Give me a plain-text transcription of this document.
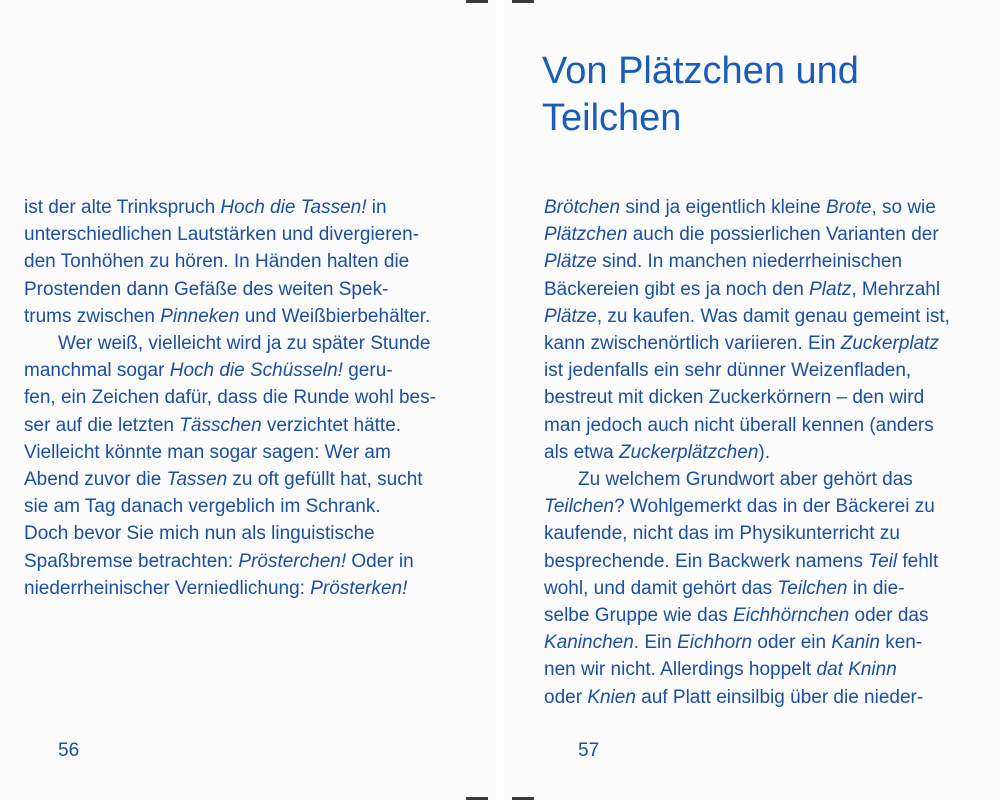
Von Plätzchen und Teilchen
ist der alte Trinkspruch Hoch die Tassen! in
unterschiedlichen Lautstärken und divergieren-
den Tonhöhen zu hören. In Händen halten die
Prostenden dann Gefäße des weiten Spek-
trums zwischen Pinneken und Weißbierbehälter.
Wer weiß, vielleicht wird ja zu später Stunde
manchmal sogar Hoch die Schüsseln! geru-
fen, ein Zeichen dafür, dass die Runde wohl bes-
ser auf die letzten Tässchen verzichtet hätte.
Vielleicht könnte man sogar sagen: Wer am
Abend zuvor die Tassen zu oft gefüllt hat, sucht
sie am Tag danach vergeblich im Schrank.
Doch bevor Sie mich nun als linguistische
Spaßbremse betrachten: Prösterchen! Oder in
niederrheinischer Verniedlichung: Prösterken!
Brötchen sind ja eigentlich kleine Brote, so wie
Plätzchen auch die possierlichen Varianten der
Plätze sind. In manchen niederrheinischen
Bäckereien gibt es ja noch den Platz, Mehrzahl
Plätze, zu kaufen. Was damit genau gemeint ist,
kann zwischenörtlich variieren. Ein Zuckerplatz
ist jedenfalls ein sehr dünner Weizenfladen,
bestreut mit dicken Zuckerkörnern – den wird
man jedoch auch nicht überall kennen (anders
als etwa Zuckerplätzchen).
Zu welchem Grundwort aber gehört das
Teilchen? Wohlgemerkt das in der Bäckerei zu
kaufende, nicht das im Physikunterricht zu
besprechende. Ein Backwerk namens Teil fehlt
wohl, und damit gehört das Teilchen in die-
selbe Gruppe wie das Eichhörnchen oder das
Kaninchen. Ein Eichhorn oder ein Kanin ken-
nen wir nicht. Allerdings hoppelt dat Kninn
oder Knien auf Platt einsilbig über die nieder-
56	57
